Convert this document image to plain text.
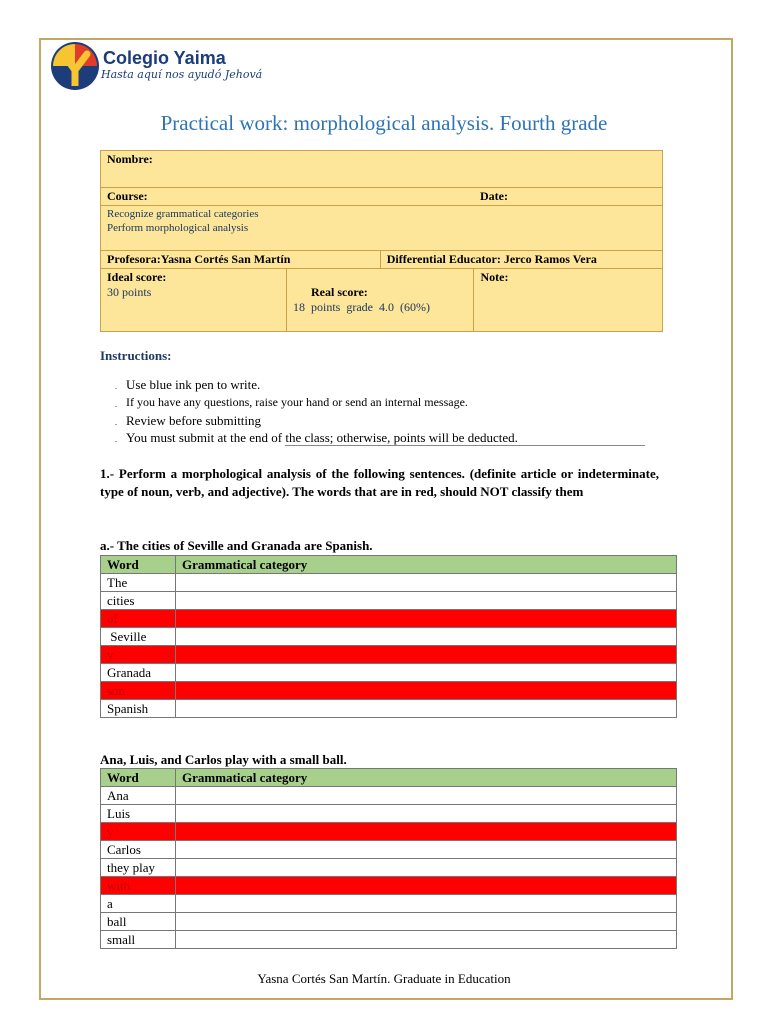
Colegio Yaima
Hasta aquí nos ayudó Jehová
Practical work: morphological analysis. Fourth grade
Nombre:			
Course:			Date:

Recognize grammatical categories
Perform morphological analysis			

Profesora:Yasna Cortés San Martín		Differential Educator: Jerco Ramos Vera	
Ideal score:
30 points	Real score:
18  points  grade  4.0  (60%)		Note:
Instructions:
. Use blue ink pen to write.
. If you have any questions, raise your hand or send an internal message.
. Review before submitting
. You must submit at the end of the class; otherwise, points will be deducted.
1.- Perform a morphological analysis of the following sentences. (definite article or indeterminate, type of noun, verb, and adjective). The words that are in red, should NOT classify them
a.- The cities of Seville and Granada are Spanish.
Word	Grammatical category
The	
cities	
of	
Seville	
y	
Granada	
son	
Spanish	
Ana, Luis, and Carlos play with a small ball.
Word	Grammatical category
Ana	
Luis	
y	
Carlos	
they play	
with	
a	
ball	
small	
Yasna Cortés San Martín. Graduate in Education
